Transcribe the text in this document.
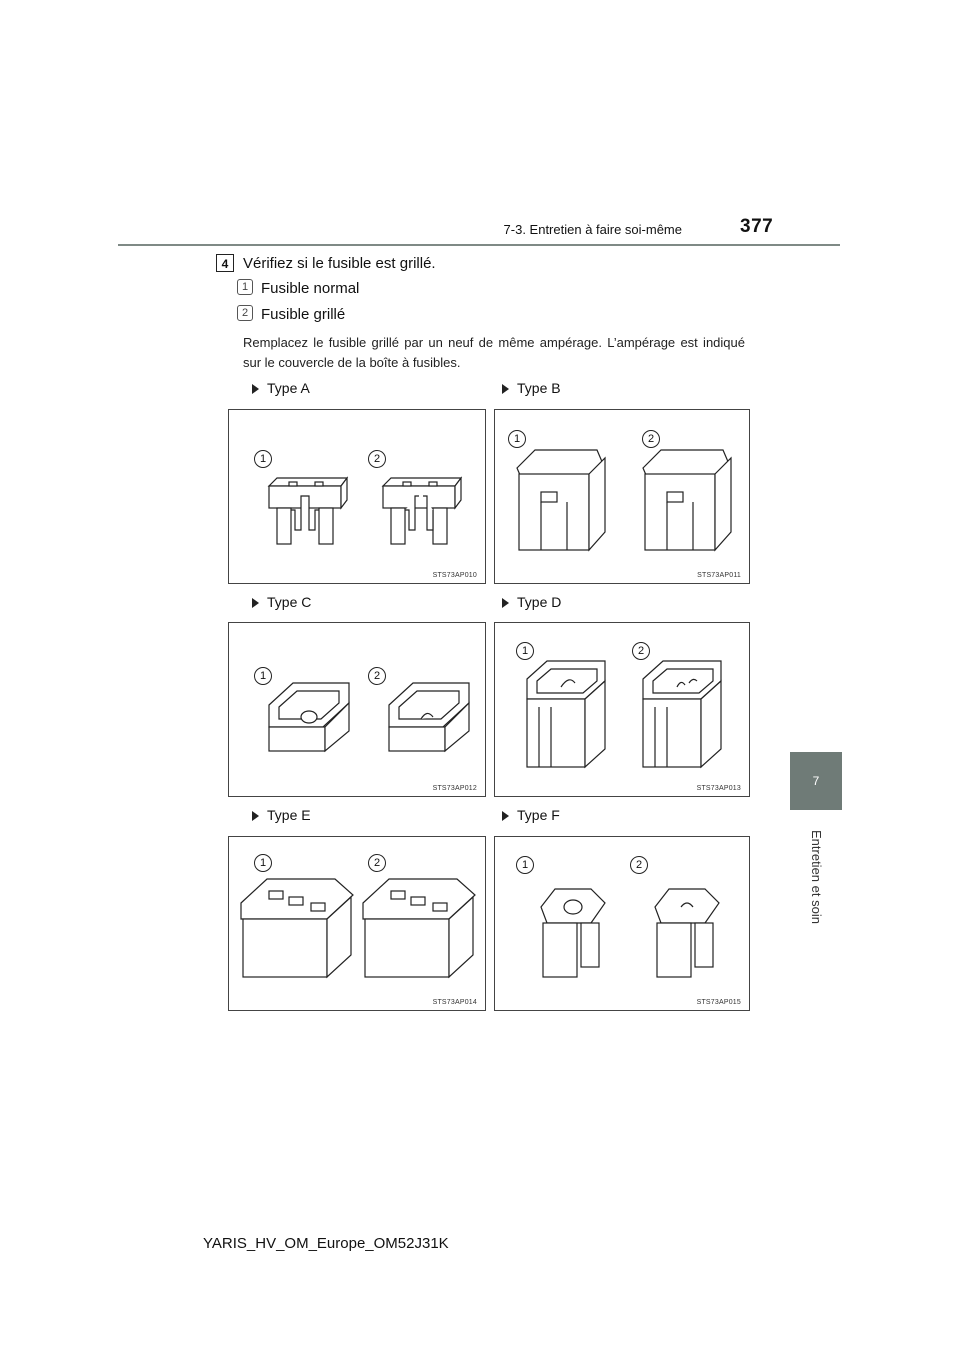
7-3. Entretien à faire soi-même	377
7
Entretien et soin
4 Vérifiez si le fusible est grillé.
1 Fusible normal
2 Fusible grillé
Remplacez le fusible grillé par un neuf de même ampérage. L’ampérage est indiqué sur le couvercle de la boîte à fusibles.
Type A	Type B
Type C	Type D
Type E	Type F
1	2
STS73AP010
1	2
STS73AP011
1	2
STS73AP012
1	2
STS73AP013
1	2
STS73AP014
1	2
STS73AP015
YARIS_HV_OM_Europe_OM52J31K
